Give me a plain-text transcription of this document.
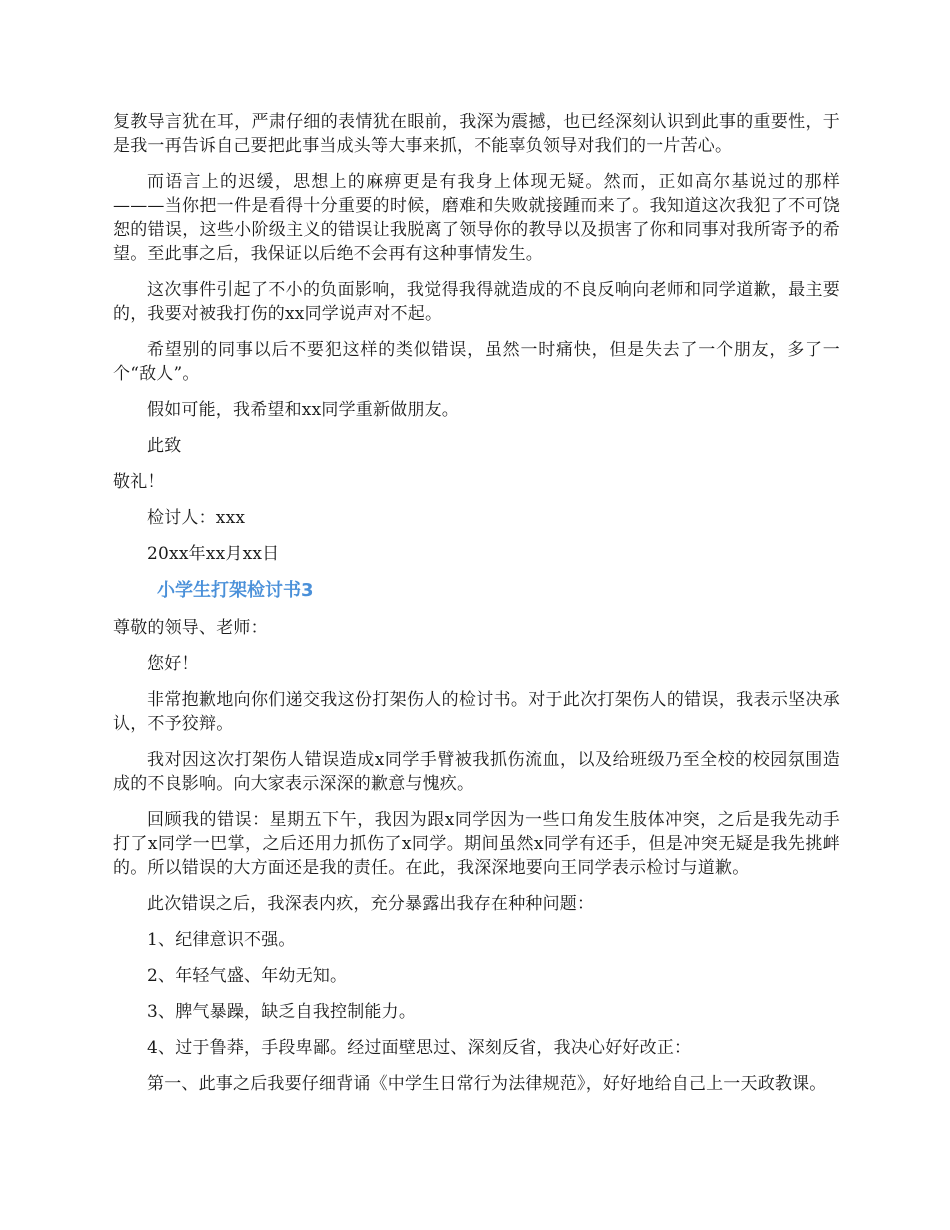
复教导言犹在耳，严肃仔细的表情犹在眼前，我深为震撼，也已经深刻认识到此事的重要性，于是我一再告诉自己要把此事当成头等大事来抓，不能辜负领导对我们的一片苦心。

而语言上的迟缓，思想上的麻痹更是有我身上体现无疑。然而，正如高尔基说过的那样———当你把一件是看得十分重要的时候，磨难和失败就接踵而来了。我知道这次我犯了不可饶恕的错误，这些小阶级主义的错误让我脱离了领导你的教导以及损害了你和同事对我所寄予的希望。至此事之后，我保证以后绝不会再有这种事情发生。

这次事件引起了不小的负面影响，我觉得我得就造成的不良反响向老师和同学道歉，最主要的，我要对被我打伤的xx同学说声对不起。

希望别的同事以后不要犯这样的类似错误，虽然一时痛快，但是失去了一个朋友，多了一个“敌人”。

假如可能，我希望和xx同学重新做朋友。

此致

敬礼！

检讨人：xxx

20xx年xx月xx日

小学生打架检讨书3

尊敬的领导、老师：

您好！

非常抱歉地向你们递交我这份打架伤人的检讨书。对于此次打架伤人的错误，我表示坚决承认，不予狡辩。

我对因这次打架伤人错误造成x同学手臂被我抓伤流血，以及给班级乃至全校的校园氛围造成的不良影响。向大家表示深深的歉意与愧疚。

回顾我的错误：星期五下午，我因为跟x同学因为一些口角发生肢体冲突，之后是我先动手打了x同学一巴掌，之后还用力抓伤了x同学。期间虽然x同学有还手，但是冲突无疑是我先挑衅的。所以错误的大方面还是我的责任。在此，我深深地要向王同学表示检讨与道歉。

此次错误之后，我深表内疚，充分暴露出我存在种种问题：

1、纪律意识不强。

2、年轻气盛、年幼无知。

3、脾气暴躁，缺乏自我控制能力。

4、过于鲁莽，手段卑鄙。经过面壁思过、深刻反省，我决心好好改正：

第一、此事之后我要仔细背诵《中学生日常行为法律规范》，好好地给自己上一天政教课。
